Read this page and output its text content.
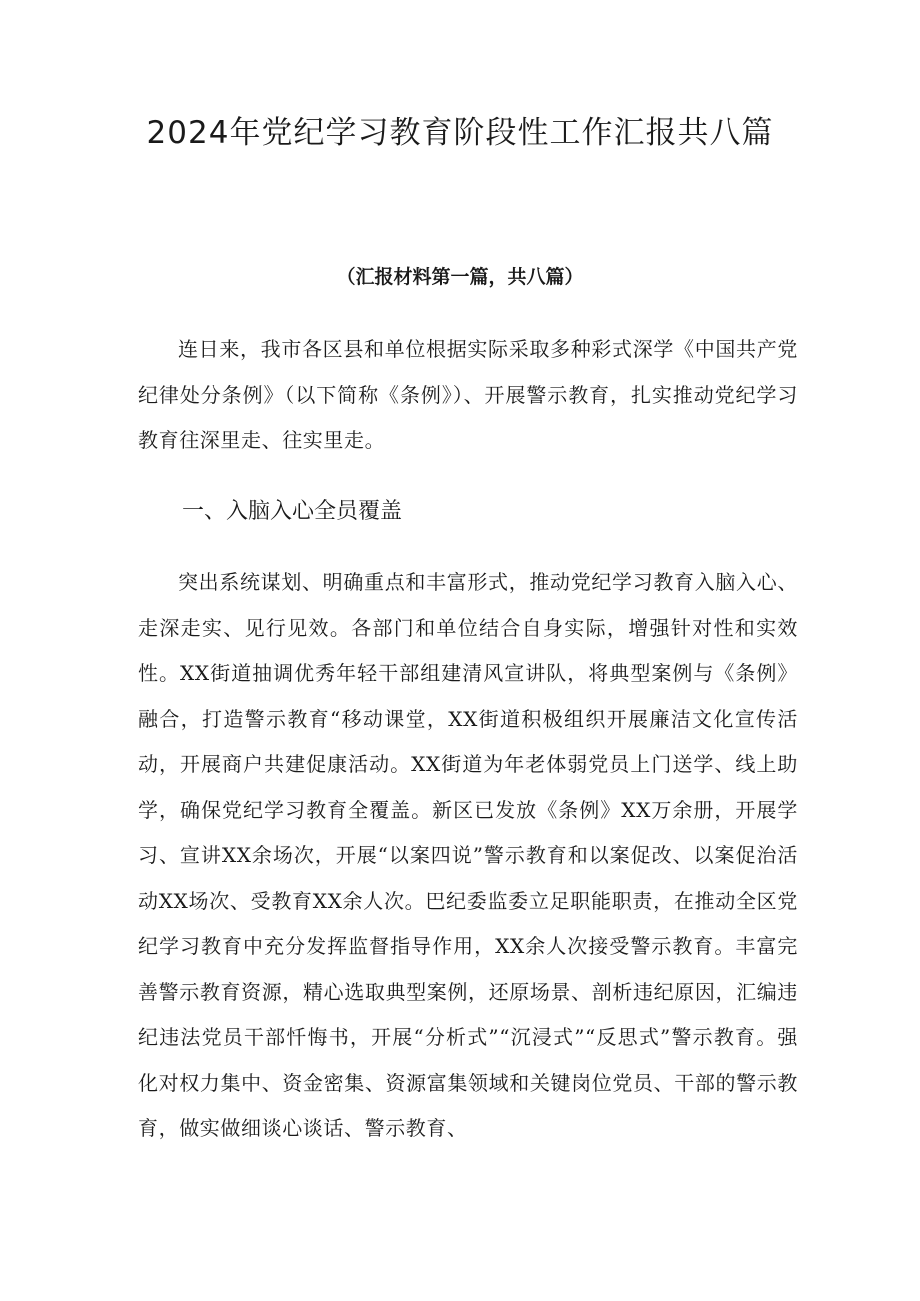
2024年党纪学习教育阶段性工作汇报共八篇

（汇报材料第一篇，共八篇）

连日来，我市各区县和单位根据实际采取多种彩式深学《中国共产党纪律处分条例》（以下简称《条例》）、开展警示教育，扎实推动党纪学习教育往深里走、往实里走。

一、入脑入心全员覆盖

突出系统谋划、明确重点和丰富形式，推动党纪学习教育入脑入心、走深走实、见行见效。各部门和单位结合自身实际，增强针对性和实效性。XX街道抽调优秀年轻干部组建清风宣讲队，将典型案例与《条例》融合，打造警示教育“移动课堂，XX街道积极组织开展廉洁文化宣传活动，开展商户共建促康活动。XX街道为年老体弱党员上门送学、线上助学，确保党纪学习教育全覆盖。新区已发放《条例》XX万余册，开展学习、宣讲XX余场次，开展“以案四说”警示教育和以案促改、以案促治活动XX场次、受教育XX余人次。巴纪委监委立足职能职责，在推动全区党纪学习教育中充分发挥监督指导作用，XX余人次接受警示教育。丰富完善警示教育资源，精心选取典型案例，还原场景、剖析违纪原因，汇编违纪违法党员干部忏悔书，开展“分析式”“沉浸式”“反思式”警示教育。强化对权力集中、资金密集、资源富集领域和关键岗位党员、干部的警示教育，做实做细谈心谈话、警示教育、
